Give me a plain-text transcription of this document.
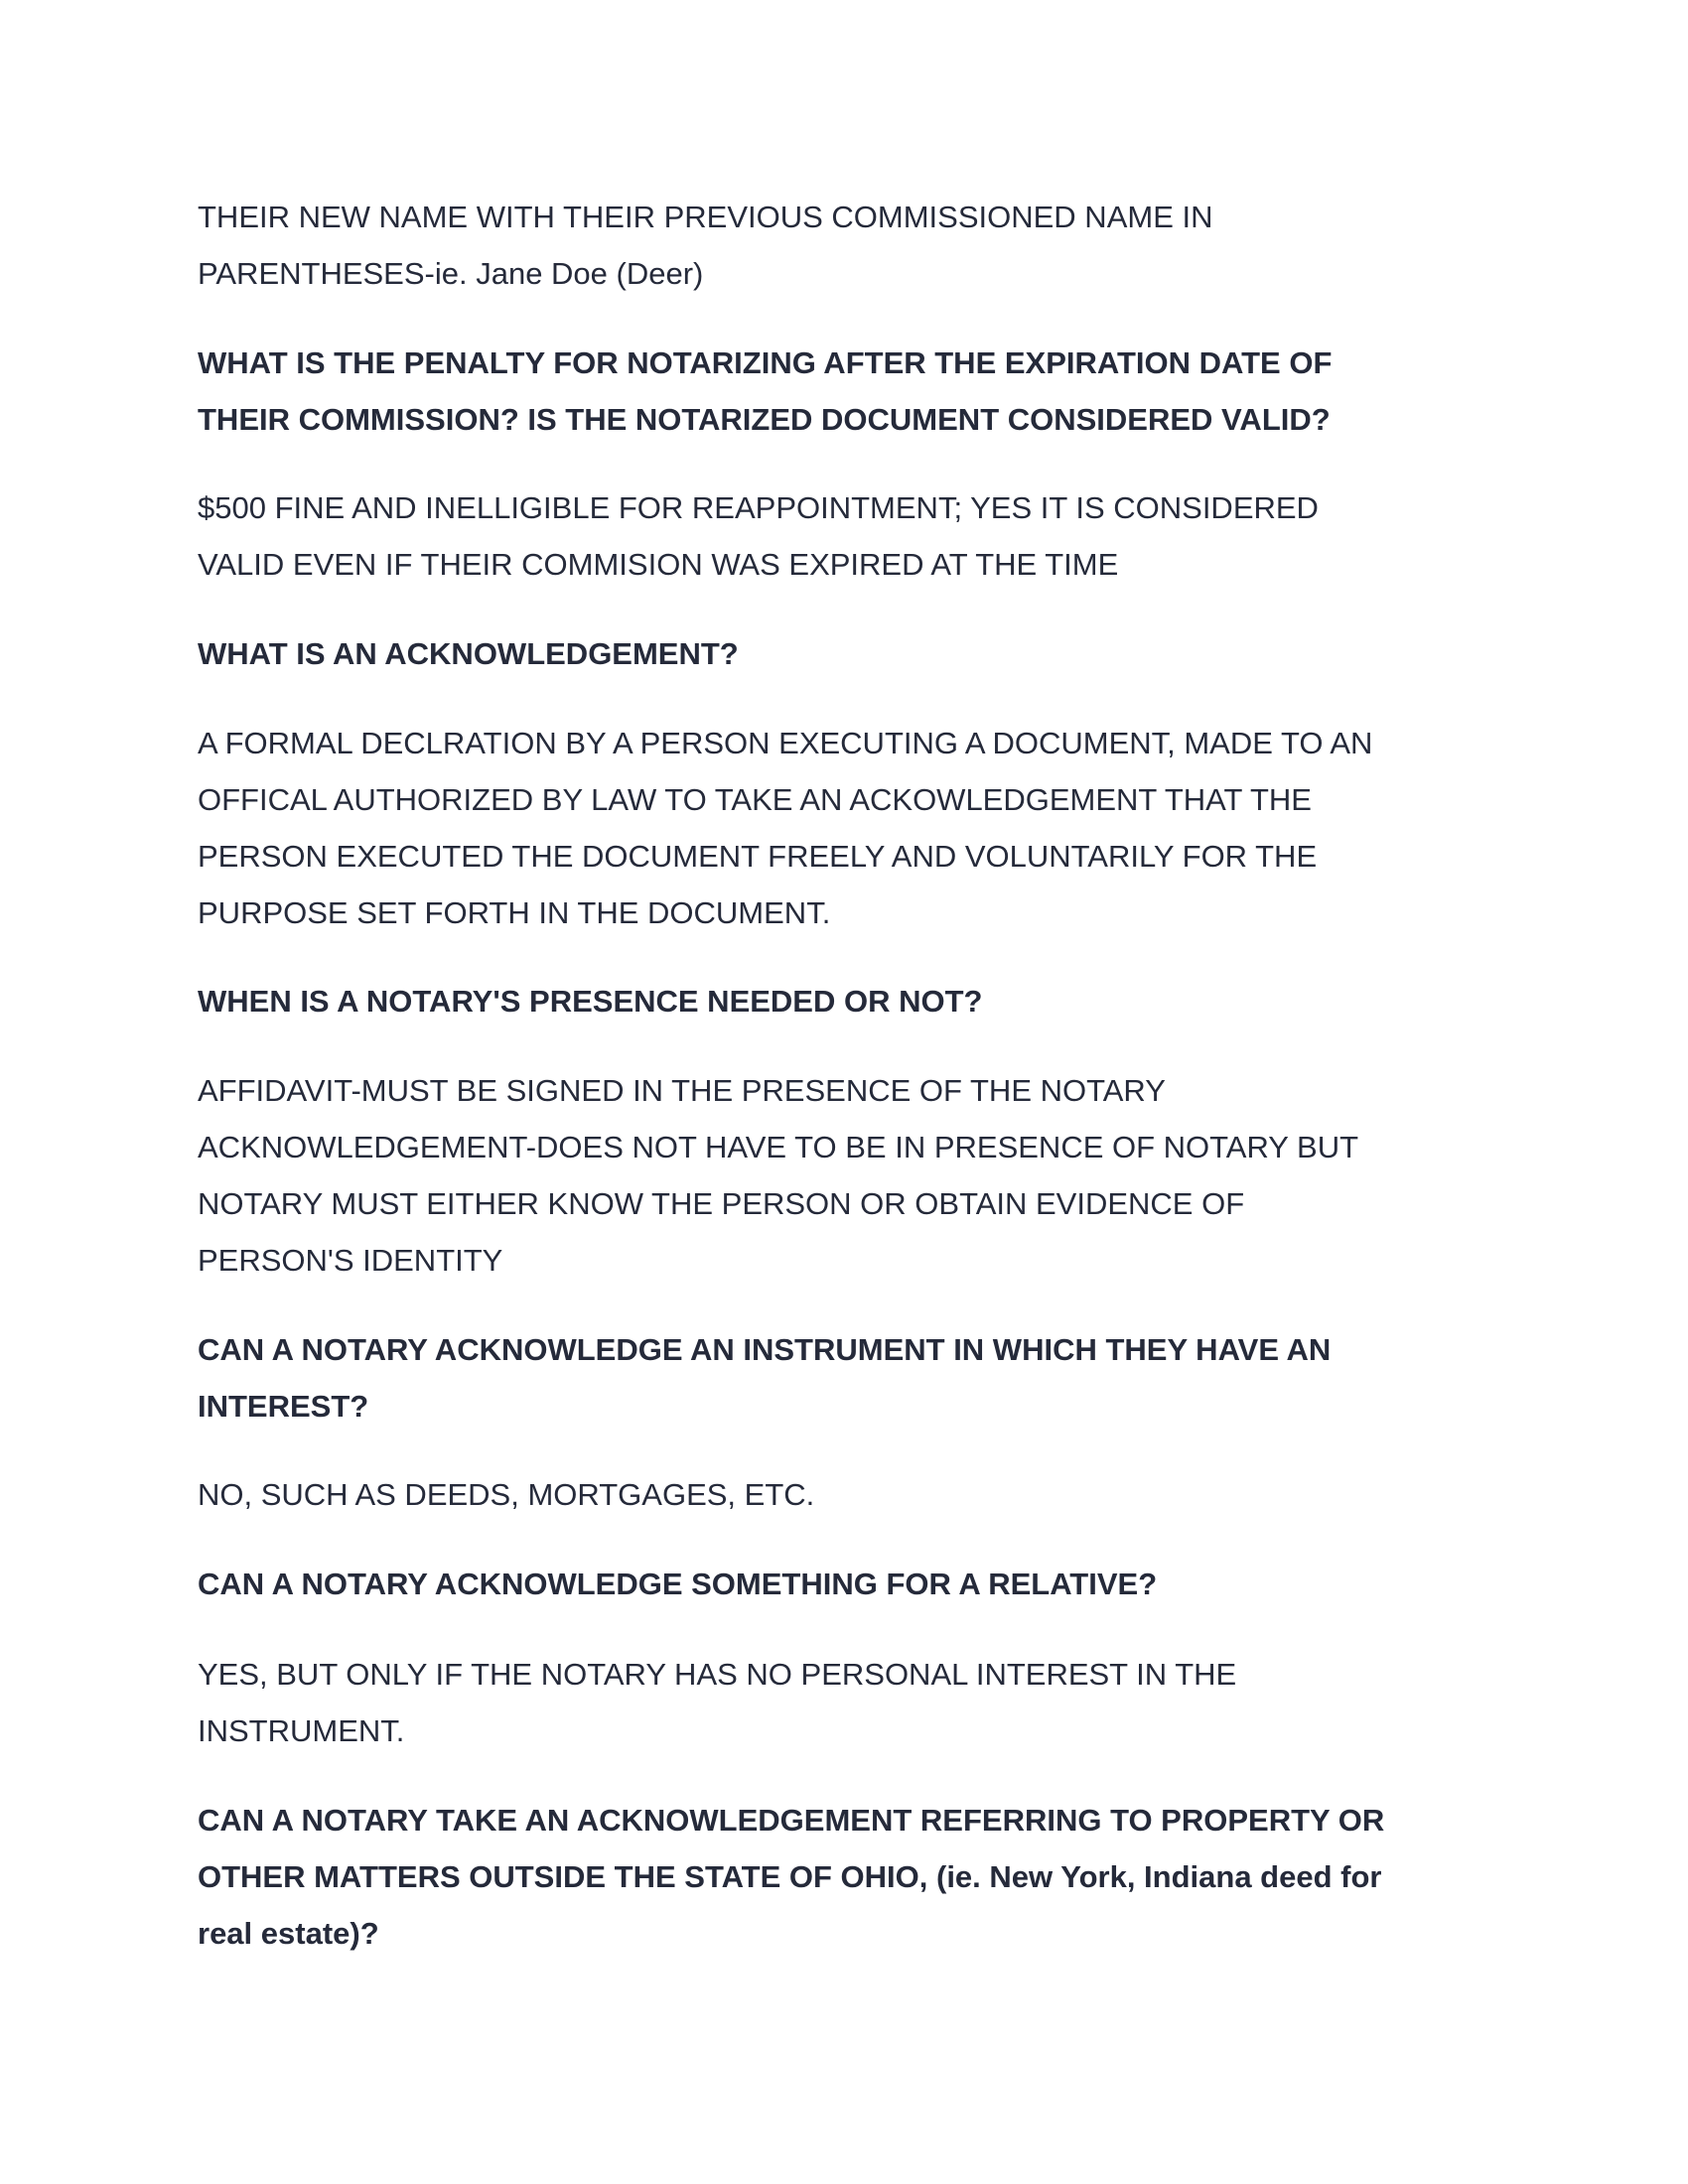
THEIR NEW NAME WITH THEIR PREVIOUS COMMISSIONED NAME IN
PARENTHESES-ie. Jane Doe (Deer)
WHAT IS THE PENALTY FOR NOTARIZING AFTER THE EXPIRATION DATE OF
THEIR COMMISSION? IS THE NOTARIZED DOCUMENT CONSIDERED VALID?
$500 FINE AND INELLIGIBLE FOR REAPPOINTMENT; YES IT IS CONSIDERED
VALID EVEN IF THEIR COMMISION WAS EXPIRED AT THE TIME
WHAT IS AN ACKNOWLEDGEMENT?
A FORMAL DECLRATION BY A PERSON EXECUTING A DOCUMENT, MADE TO AN
OFFICAL AUTHORIZED BY LAW TO TAKE AN ACKOWLEDGEMENT THAT THE
PERSON EXECUTED THE DOCUMENT FREELY AND VOLUNTARILY FOR THE
PURPOSE SET FORTH IN THE DOCUMENT.
WHEN IS A NOTARY'S PRESENCE NEEDED OR NOT?
AFFIDAVIT-MUST BE SIGNED IN THE PRESENCE OF THE NOTARY
ACKNOWLEDGEMENT-DOES NOT HAVE TO BE IN PRESENCE OF NOTARY BUT
NOTARY MUST EITHER KNOW THE PERSON OR OBTAIN EVIDENCE OF
PERSON'S IDENTITY
CAN A NOTARY ACKNOWLEDGE AN INSTRUMENT IN WHICH THEY HAVE AN
INTEREST?
NO, SUCH AS DEEDS, MORTGAGES, ETC.
CAN A NOTARY ACKNOWLEDGE SOMETHING FOR A RELATIVE?
YES, BUT ONLY IF THE NOTARY HAS NO PERSONAL INTEREST IN THE
INSTRUMENT.
CAN A NOTARY TAKE AN ACKNOWLEDGEMENT REFERRING TO PROPERTY OR
OTHER MATTERS OUTSIDE THE STATE OF OHIO, (ie. New York, Indiana deed for
real estate)?
